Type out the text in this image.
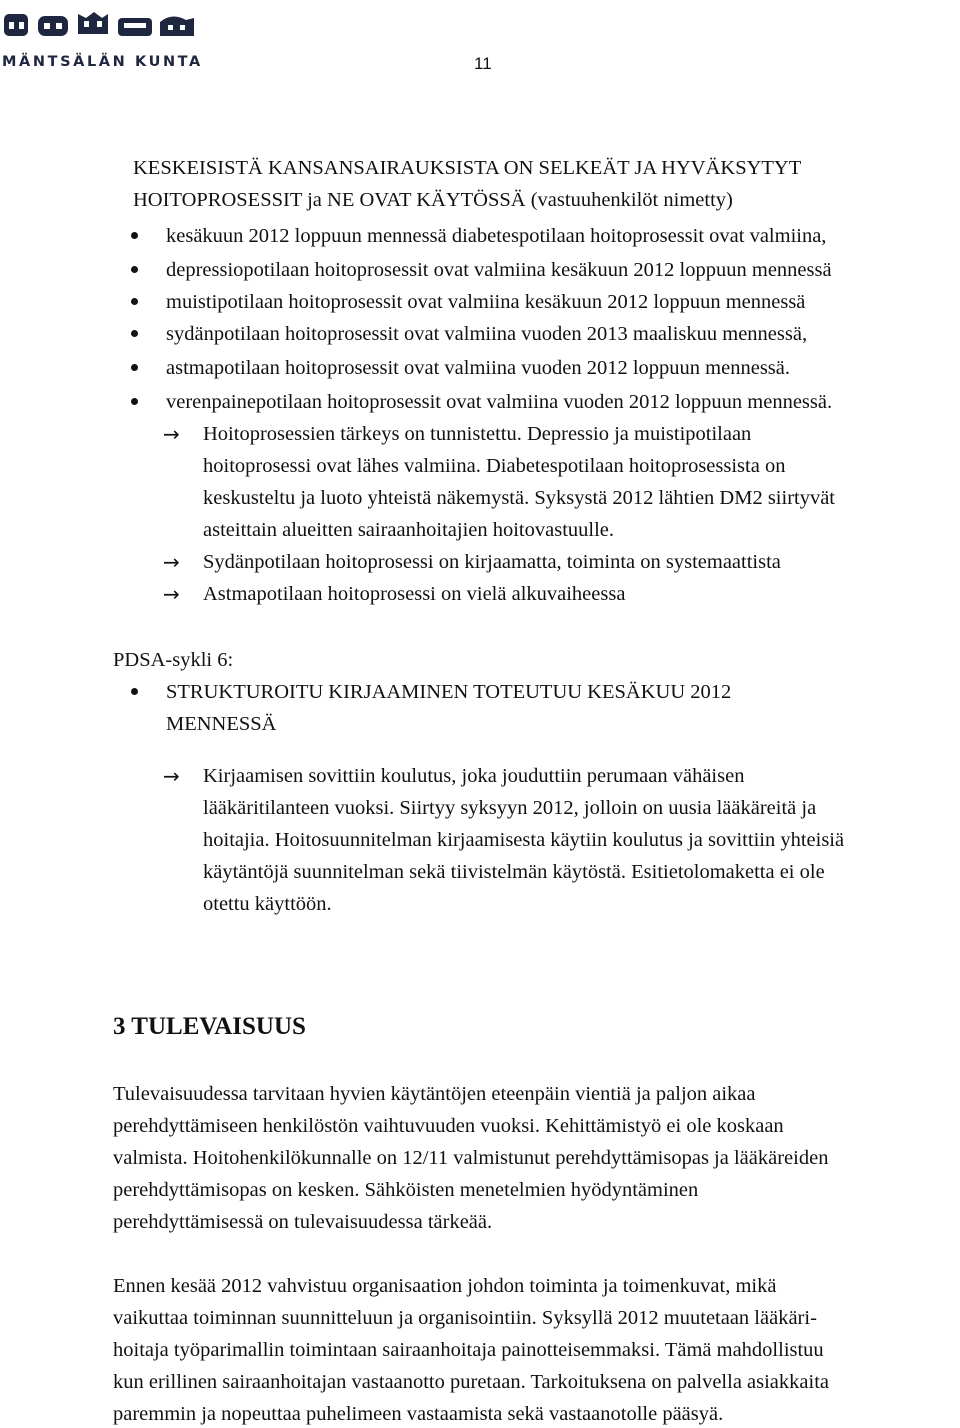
MÄNTSÄLÄN KUNTA	11
KESKEISISTÄ KANSANSAIRAUKSISTA ON SELKEÄT JA HYVÄKSYTYT
HOITOPROSESSIT ja NE OVAT KÄYTÖSSÄ (vastuuhenkilöt nimetty)
kesäkuun 2012 loppuun mennessä diabetespotilaan hoitoprosessit ovat valmiina,
depressiopotilaan hoitoprosessit ovat valmiina kesäkuun 2012 loppuun mennessä
muistipotilaan hoitoprosessit ovat valmiina kesäkuun 2012 loppuun mennessä
sydänpotilaan hoitoprosessit ovat valmiina vuoden 2013 maaliskuu mennessä,
astmapotilaan hoitoprosessit ovat valmiina vuoden 2012 loppuun mennessä.
verenpainepotilaan hoitoprosessit ovat valmiina vuoden 2012 loppuun mennessä.
→ Hoitoprosessien tärkeys on tunnistettu. Depressio ja muistipotilaan
hoitoprosessi ovat lähes valmiina. Diabetespotilaan hoitoprosessista on
keskusteltu ja luoto yhteistä näkemystä. Syksystä 2012 lähtien DM2 siirtyvät
asteittain alueitten sairaanhoitajien hoitovastuulle.
→ Sydänpotilaan hoitoprosessi on kirjaamatta, toiminta on systemaattista
→ Astmapotilaan hoitoprosessi on vielä alkuvaiheessa
PDSA-sykli 6:
STRUKTUROITU KIRJAAMINEN TOTEUTUU KESÄKUU 2012
MENNESSÄ
→ Kirjaamisen sovittiin koulutus, joka jouduttiin perumaan vähäisen
lääkäritilanteen vuoksi. Siirtyy syksyyn 2012, jolloin on uusia lääkäreitä ja
hoitajia. Hoitosuunnitelman kirjaamisesta käytiin koulutus ja sovittiin yhteisiä
käytäntöjä suunnitelman sekä tiivistelmän käytöstä. Esitietolomaketta ei ole
otettu käyttöön.
3 TULEVAISUUS
Tulevaisuudessa tarvitaan hyvien käytäntöjen eteenpäin vientiä ja paljon aikaa
perehdyttämiseen henkilöstön vaihtuvuuden vuoksi. Kehittämistyö ei ole koskaan
valmista. Hoitohenkilökunnalle on 12/11 valmistunut perehdyttämisopas ja lääkäreiden
perehdyttämisopas on kesken. Sähköisten menetelmien hyödyntäminen
perehdyttämisessä on tulevaisuudessa tärkeää.
Ennen kesää 2012 vahvistuu organisaation johdon toiminta ja toimenkuvat, mikä
vaikuttaa toiminnan suunnitteluun ja organisointiin. Syksyllä 2012 muutetaan lääkäri-
hoitaja työparimallin toimintaan sairaanhoitaja painotteisemmaksi. Tämä mahdollistuu
kun erillinen sairaanhoitajan vastaanotto puretaan. Tarkoituksena on palvella asiakkaita
paremmin ja nopeuttaa puhelimeen vastaamista sekä vastaanotolle pääsyä.
